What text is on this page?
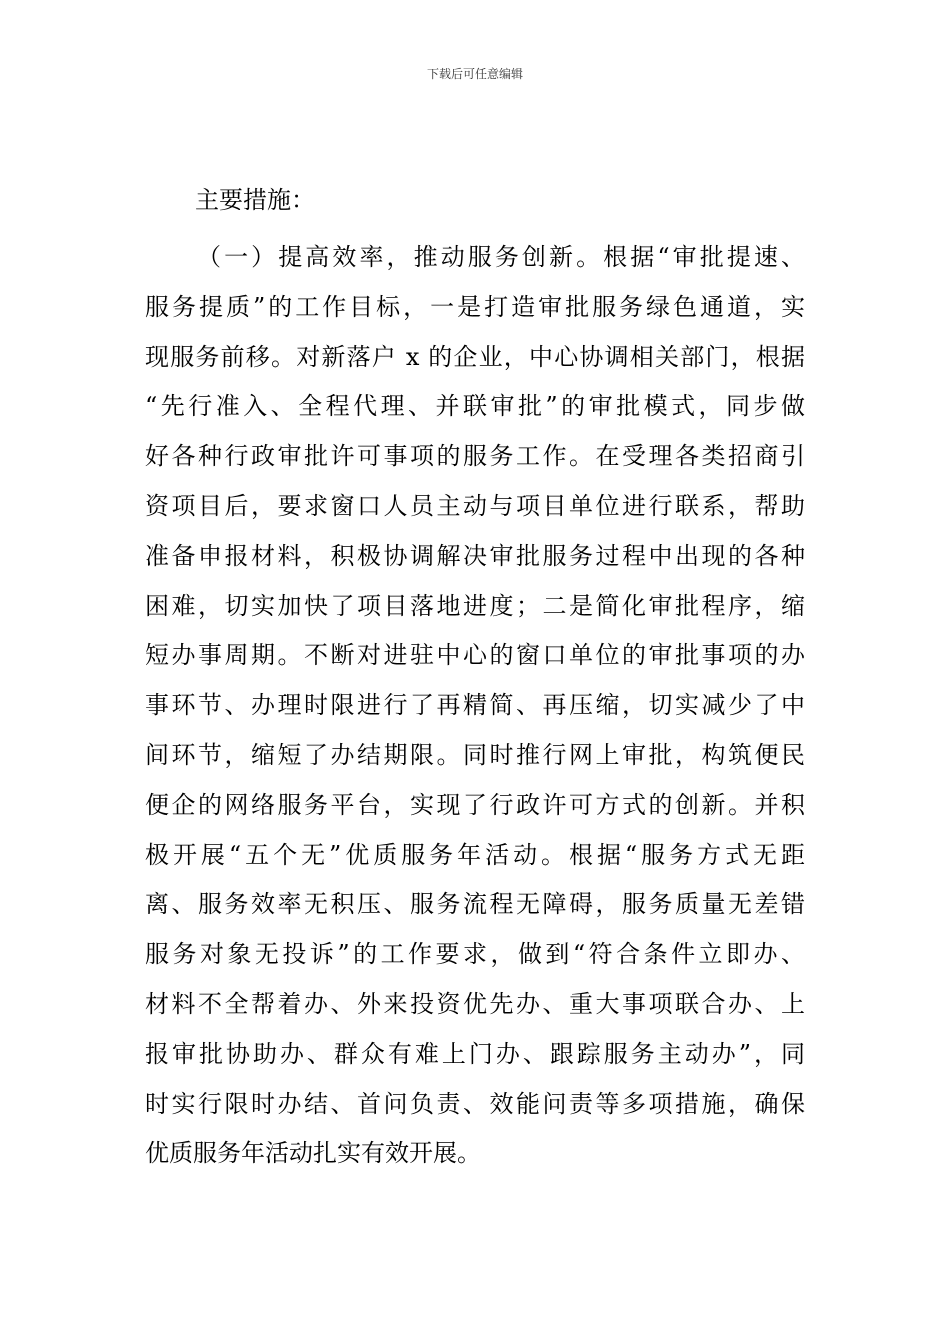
下载后可任意编辑
主要措施：
（一）提高效率，推动服务创新。根据“审批提速、
服务提质”的工作目标，一是打造审批服务绿色通道，实
现服务前移。对新落户 x 的企业，中心协调相关部门，根据
“先行准入、全程代理、并联审批”的审批模式，同步做
好各种行政审批许可事项的服务工作。在受理各类招商引
资项目后，要求窗口人员主动与项目单位进行联系，帮助
准备申报材料，积极协调解决审批服务过程中出现的各种
困难，切实加快了项目落地进度；二是简化审批程序，缩
短办事周期。不断对进驻中心的窗口单位的审批事项的办
事环节、办理时限进行了再精简、再压缩，切实减少了中
间环节，缩短了办结期限。同时推行网上审批，构筑便民
便企的网络服务平台，实现了行政许可方式的创新。并积
极开展“五个无”优质服务年活动。根据“服务方式无距
离、服务效率无积压、服务流程无障碍，服务质量无差错
服务对象无投诉”的工作要求，做到“符合条件立即办、
材料不全帮着办、外来投资优先办、重大事项联合办、上
报审批协助办、群众有难上门办、跟踪服务主动办”，同
时实行限时办结、首问负责、效能问责等多项措施，确保
优质服务年活动扎实有效开展。
